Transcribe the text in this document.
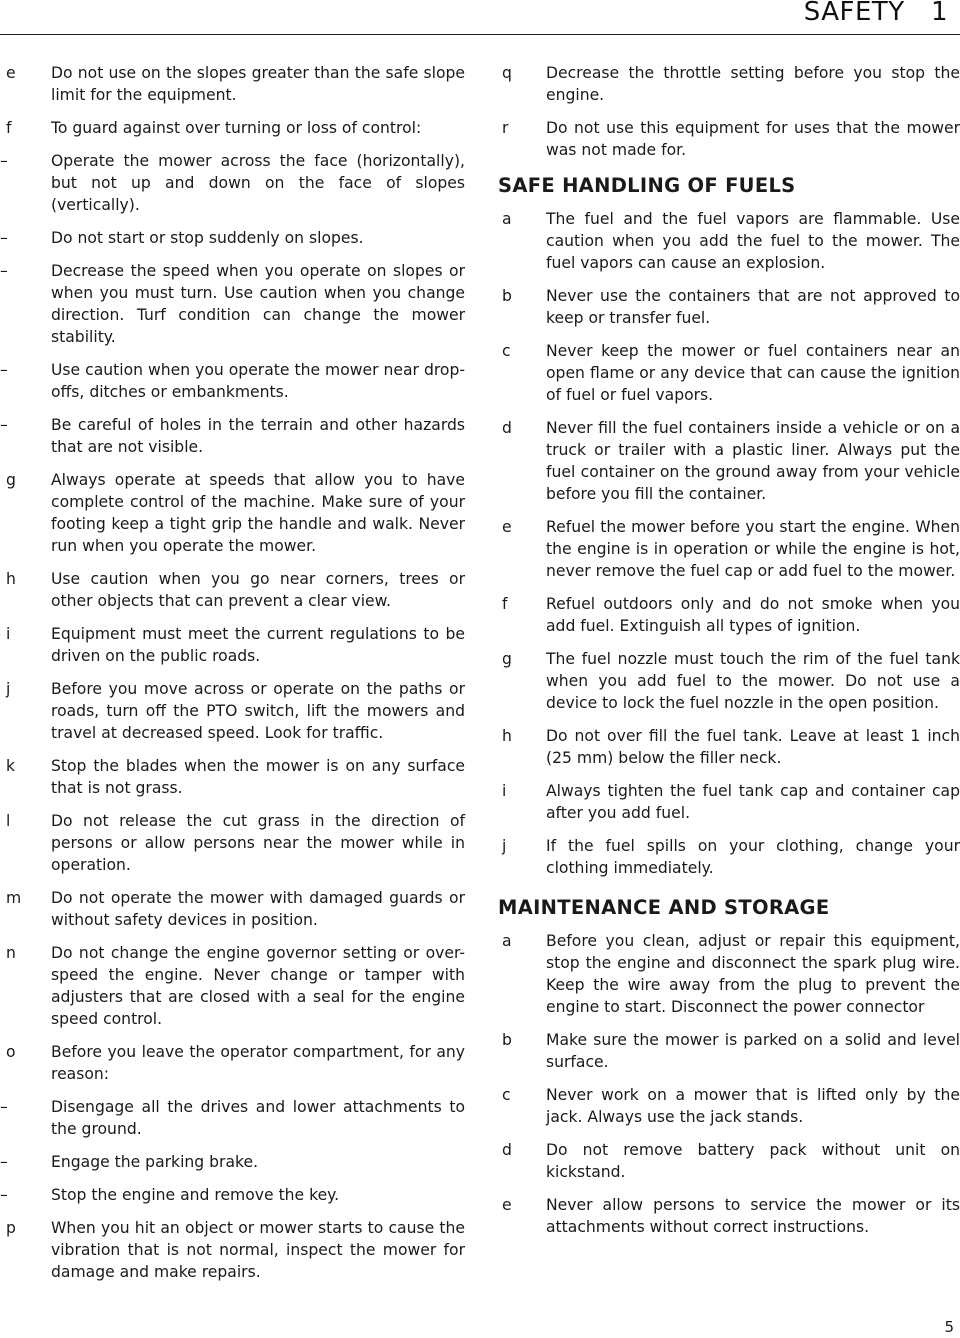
SAFETY   1
e Do not use on the slopes greater than the safe slope limit for the equipment.
f	To guard against over turning or loss of control:
–	Operate the mower across the face (horizontally), but not up and down on the face of slopes (vertically).
–	Do not start or stop suddenly on slopes.
–	Decrease the speed when you operate on slopes or when you must turn. Use caution when you change direction. Turf condition can change the mower stability.
–	Use caution when you operate the mower near drop-offs, ditches or embankments.
–	Be careful of holes in the terrain and other hazards that are not visible.
g Always operate at speeds that allow you to have complete control of the machine. Make sure of your footing keep a tight grip the handle and walk. Never run when you operate the mower.
h Use caution when you go near corners, trees or other objects that can prevent a clear view.
i	Equipment must meet the current regulations to be driven on the public roads.
j	Before you move across or operate on the paths or roads, turn off the PTO switch, lift the mowers and travel at decreased speed. Look for traffic.
k Stop the blades when the mower is on any surface that is not grass.
l	Do not release the cut grass in the direction of persons or allow persons near the mower while in operation.
m Do not operate the mower with damaged guards or without safety devices in position.
n Do not change the engine governor setting or over-speed the engine. Never change or tamper with adjusters that are closed with a seal for the engine speed control.
o Before you leave the operator compartment, for any reason:
–	Disengage all the drives and lower attachments to the ground.
–	Engage the parking brake.
–	Stop the engine and remove the key.
p When you hit an object or mower starts to cause the vibration that is not normal, inspect the mower for damage and make repairs.
q Decrease the throttle setting before you stop the engine.
r Do not use this equipment for uses that the mower was not made for.
SAFE HANDLING OF FUELS
a The fuel and the fuel vapors are flammable. Use caution when you add the fuel to the mower. The fuel vapors can cause an explosion.
b Never use the containers that are not approved to keep or transfer fuel.
c Never keep the mower or fuel containers near an open flame or any device that can cause the ignition of fuel or fuel vapors.
d Never fill the fuel containers inside a vehicle or on a truck or trailer with a plastic liner. Always put the fuel container on the ground away from your vehicle before you fill the container.
e Refuel the mower before you start the engine. When the engine is in operation or while the engine is hot, never remove the fuel cap or add fuel to the mower.
f Refuel outdoors only and do not smoke when you add fuel. Extinguish all types of ignition.
g The fuel nozzle must touch the rim of the fuel tank when you add fuel to the mower. Do not use a device to lock the fuel nozzle in the open position.
h Do not over fill the fuel tank. Leave at least 1 inch (25 mm) below the filler neck.
i	Always tighten the fuel tank cap and container cap after you add fuel.
j	If the fuel spills on your clothing, change your clothing immediately.
MAINTENANCE AND STORAGE
a Before you clean, adjust or repair this equipment, stop the engine and disconnect the spark plug wire. Keep the wire away from the plug to prevent the engine to start. Disconnect the power connector
b Make sure the mower is parked on a solid and level surface.
c Never work on a mower that is lifted only by the jack. Always use the jack stands.
d Do not remove battery pack without unit on kickstand.
e Never allow persons to service the mower or its attachments without correct instructions.
5
